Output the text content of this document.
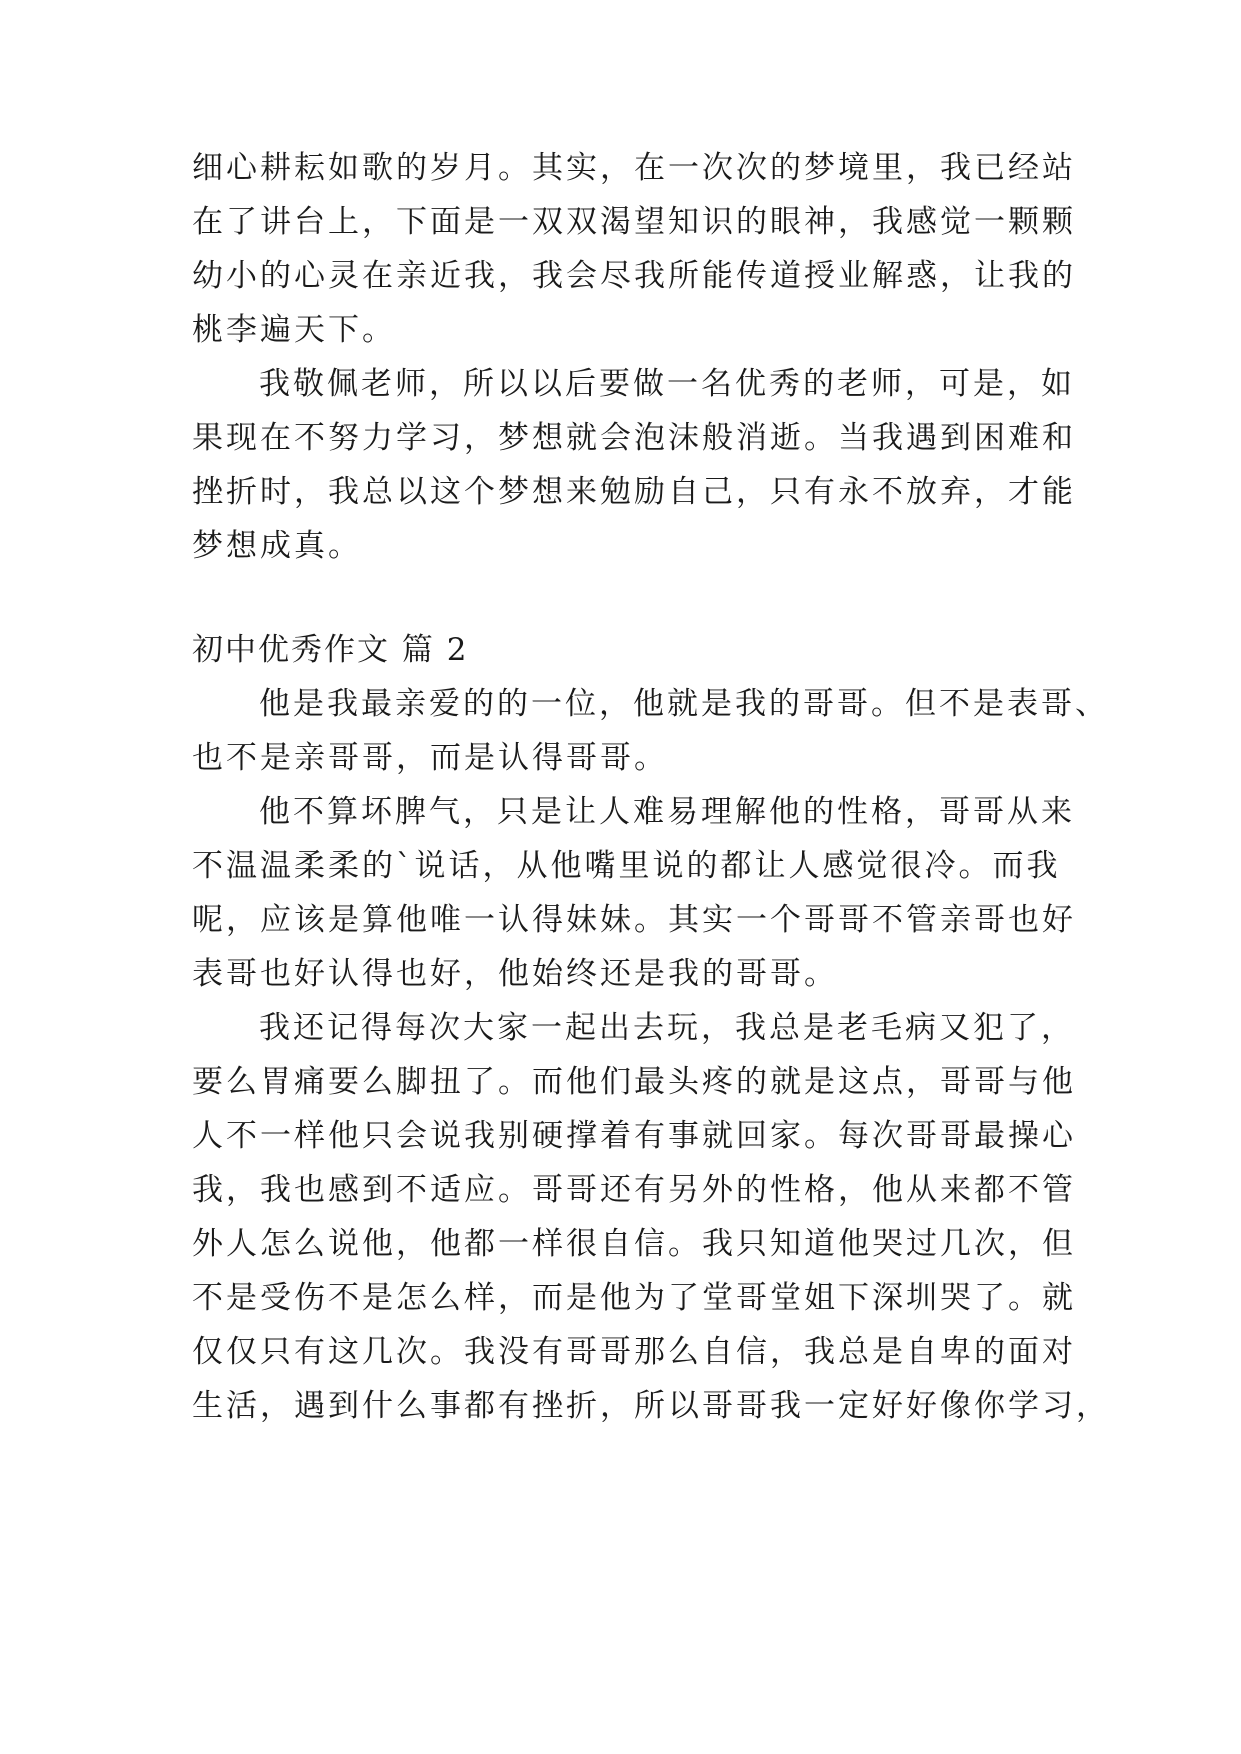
细心耕耘如歌的岁月。其实，在一次次的梦境里，我已经站
在了讲台上，下面是一双双渴望知识的眼神，我感觉一颗颗
幼小的心灵在亲近我，我会尽我所能传道授业解惑，让我的
桃李遍天下。
我敬佩老师，所以以后要做一名优秀的老师，可是，如
果现在不努力学习，梦想就会泡沫般消逝。当我遇到困难和
挫折时，我总以这个梦想来勉励自己，只有永不放弃，才能
梦想成真。
初中优秀作文 篇 2
他是我最亲爱的的一位，他就是我的哥哥。但不是表哥、
也不是亲哥哥，而是认得哥哥。
他不算坏脾气，只是让人难易理解他的性格，哥哥从来
不温温柔柔的`说话，从他嘴里说的都让人感觉很冷。而我
呢，应该是算他唯一认得妹妹。其实一个哥哥不管亲哥也好
表哥也好认得也好，他始终还是我的哥哥。
我还记得每次大家一起出去玩，我总是老毛病又犯了，
要么胃痛要么脚扭了。而他们最头疼的就是这点，哥哥与他
人不一样他只会说我别硬撑着有事就回家。每次哥哥最操心
我，我也感到不适应。哥哥还有另外的性格，他从来都不管
外人怎么说他，他都一样很自信。我只知道他哭过几次，但
不是受伤不是怎么样，而是他为了堂哥堂姐下深圳哭了。就
仅仅只有这几次。我没有哥哥那么自信，我总是自卑的面对
生活，遇到什么事都有挫折，所以哥哥我一定好好像你学习，
